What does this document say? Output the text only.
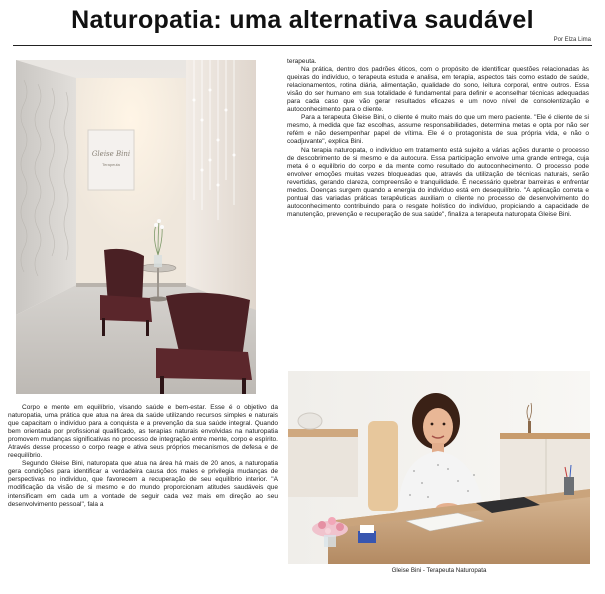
Naturopatia: uma alternativa saudável
Por Elza Lima
Gleise Bini
Terapeuta
Gleise Bini - Terapeuta Naturopata

Corpo e mente em equilíbrio, visando saúde e bem-estar. Esse é o objetivo da naturopatia, uma prática que atua na área da saúde utilizando recursos simples e naturais que capacitam o indivíduo para a conquista e a prevenção da sua saúde integral. Quando bem orientada por profissional qualificado, as terapias naturais envolvidas na naturopatia promovem mudanças significativas no processo de integração entre mente, corpo e espírito. Através desse processo o corpo reage e ativa seus próprios mecanismos de defesa e de reequilíbrio.

Segundo Gleise Bini, naturopata que atua na área há mais de 20 anos, a naturopatia gera condições para identificar a verdadeira causa dos males e privilegia mudanças de perspectivas no indivíduo, que favorecem a recuperação de seu equilíbrio interior. "A modificação da visão de si mesmo e do mundo proporcionam atitudes saudáveis que intensificam em cada um a vontade de seguir cada vez mais em direção ao seu desenvolvimento pessoal", fala a

terapeuta.

Na prática, dentro dos padrões éticos, com o propósito de identificar questões relacionadas às queixas do indivíduo, o terapeuta estuda e analisa, em terapia, aspectos tais como estado de saúde, relacionamentos, rotina diária, alimentação, qualidade do sono, leitura corporal, entre outros. Essa visão do ser humano em sua totalidade é fundamental para definir e aconselhar técnicas adequadas para cada caso que vão gerar resultados eficazes e um novo nível de consolentização e autoconhecimento para o cliente.

Para a terapeuta Gleise Bini, o cliente é muito mais do que um mero paciente. "Ele é cliente de si mesmo, à medida que faz escolhas, assume responsabilidades, determina metas e opta por não ser refém e não desempenhar papel de vítima. Ele é o protagonista de sua própria vida, e não o coadjuvante", explica Bini.

Na terapia naturopata, o indivíduo em tratamento está sujeito a várias ações durante o processo de descobrimento de si mesmo e da autocura. Essa participação envolve uma grande entrega, cuja meta é o equilíbrio do corpo e da mente como resultado do autoconhecimento. O processo pode envolver emoções muitas vezes bloqueadas que, através da utilização de técnicas naturais, serão revertidas, gerando clareza, compreensão e tranquilidade. É necessário quebrar barreiras e enfrentar medos. Doenças surgem quando a energia do indivíduo está em desequilíbrio. "A aplicação correta e pontual das variadas práticas terapêuticas auxiliam o cliente no processo de desenvolvimento do autoconhecimento contribuindo para o resgate holístico do indivíduo, propiciando a capacidade de manutenção, prevenção e recuperação de sua saúde", finaliza a terapeuta naturopata Gleise Bini.
